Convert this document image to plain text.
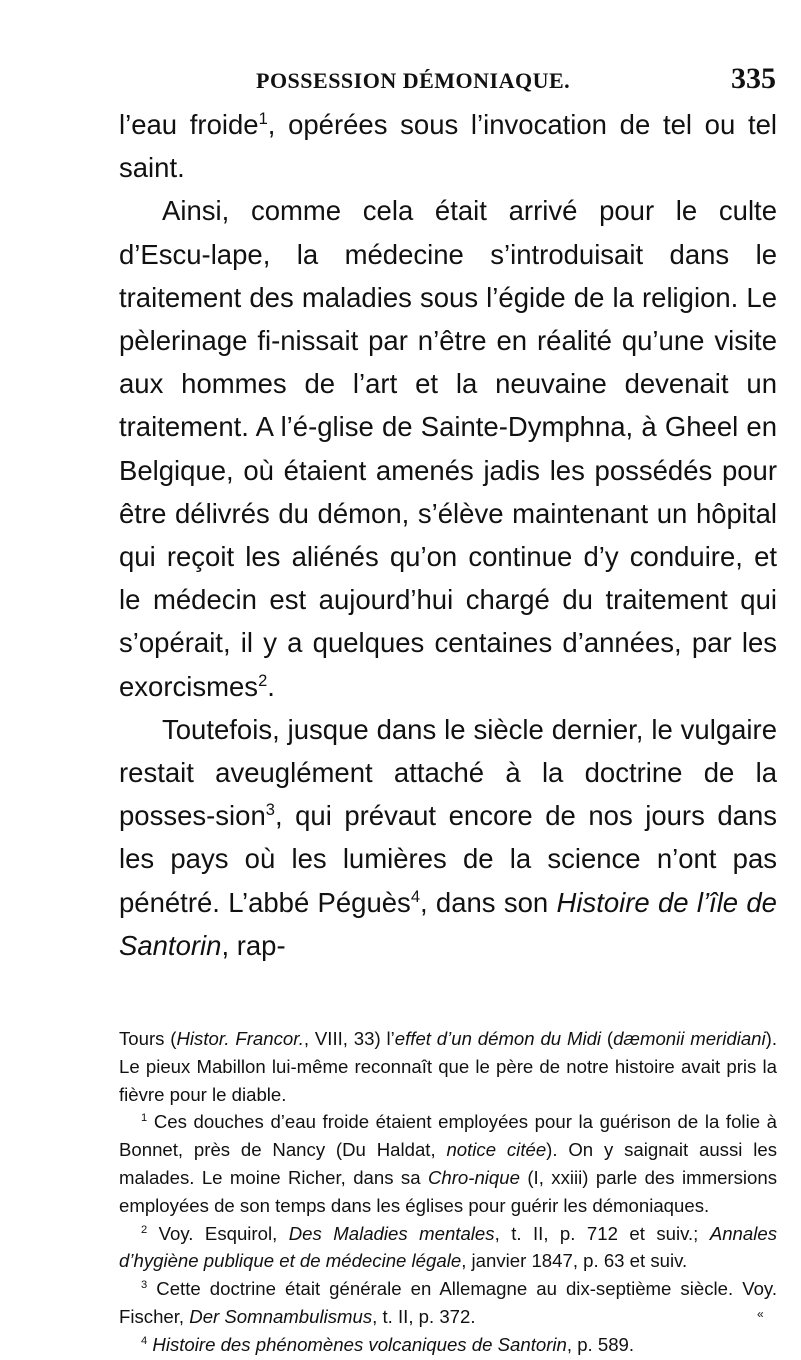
POSSESSION DÉMONIAQUE.	335

l’eau froide$^1$, opérées sous l’invocation de tel ou tel saint.

Ainsi, comme cela était arrivé pour le culte d’Escu-lape, la médecine s’introduisait dans le traitement des maladies sous l’égide de la religion. Le pèlerinage fi-nissait par n’être en réalité qu’une visite aux hommes de l’art et la neuvaine devenait un traitement. A l’é-glise de Sainte-Dymphna, à Gheel en Belgique, où étaient amenés jadis les possédés pour être délivrés du démon, s’élève maintenant un hôpital qui reçoit les aliénés qu’on continue d’y conduire, et le médecin est aujourd’hui chargé du traitement qui s’opérait, il y a quelques centaines d’années, par les exorcismes$^2$.

Toutefois, jusque dans le siècle dernier, le vulgaire restait aveuglément attaché à la doctrine de la posses-sion$^3$, qui prévaut encore de nos jours dans les pays où les lumières de la science n’ont pas pénétré. L’abbé Péguès$^4$, dans son Histoire de l’île de Santorin, rap-

Tours (Histor. Francor., VIII, 33) l’effet d’un démon du Midi (dæmonii meridiani). Le pieux Mabillon lui-même reconnaît que le père de notre histoire avait pris la fièvre pour le diable.

$^1$ Ces douches d’eau froide étaient employées pour la guérison de la folie à Bonnet, près de Nancy (Du Haldat, notice citée). On y saignait aussi les malades. Le moine Richer, dans sa Chro-nique (I, xxiii) parle des immersions employées de son temps dans les églises pour guérir les démoniaques.

$^2$ Voy. Esquirol, Des Maladies mentales, t. II, p. 712 et suiv.; Annales d’hygiène publique et de médecine légale, janvier 1847, p. 63 et suiv.

$^3$ Cette doctrine était générale en Allemagne au dix-septième siècle. Voy. Fischer, Der Somnambulismus, t. II, p. 372.

$^4$ Histoire des phénomènes volcaniques de Santorin, p. 589.

«
